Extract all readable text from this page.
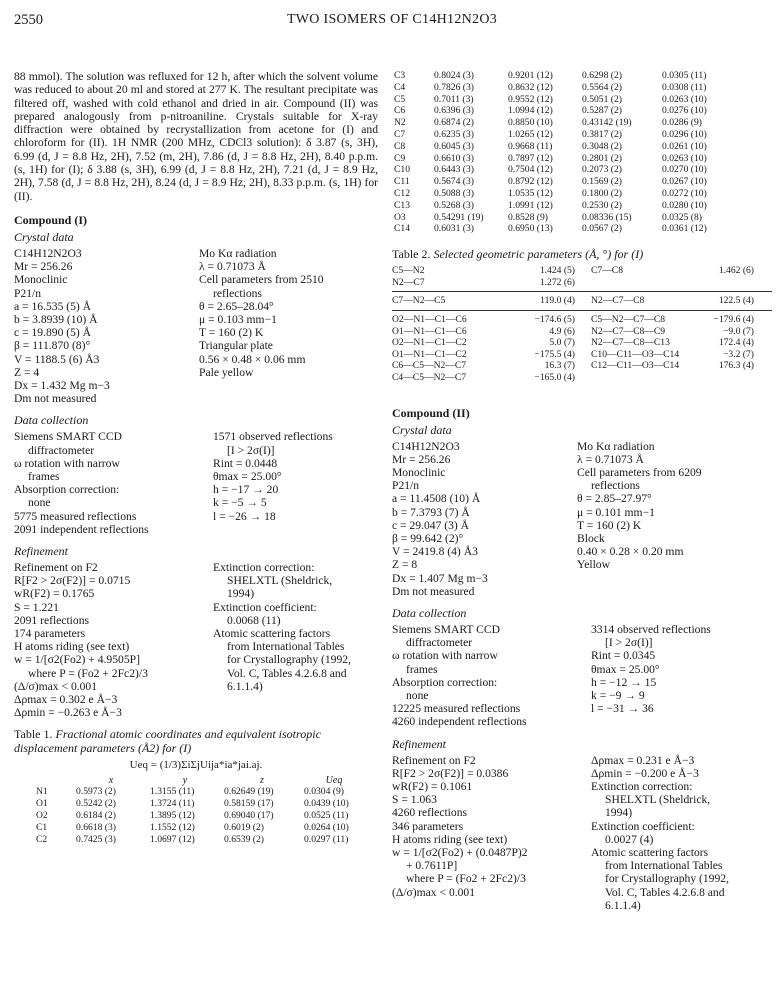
2550	TWO ISOMERS OF C14H12N2O3

88 mmol). The solution was refluxed for 12 h, after which the solvent volume was reduced to about 20 ml and stored at 277 K. The resultant precipitate was filtered off, washed with cold ethanol and dried in air. Compound (II) was prepared analogously from p-nitroaniline. Crystals suitable for X-ray diffraction were obtained by recrystallization from acetone for (I) and chloroform for (II). 1H NMR (200 MHz, CDCl3 solution): δ 3.87 (s, 3H), 6.99 (d, J = 8.8 Hz, 2H), 7.52 (m, 2H), 7.86 (d, J = 8.8 Hz, 2H), 8.40 p.p.m. (s, 1H) for (I); δ 3.88 (s, 3H), 6.99 (d, J = 8.8 Hz, 2H), 7.21 (d, J = 8.9 Hz, 2H), 7.58 (d, J = 8.8 Hz, 2H), 8.24 (d, J = 8.9 Hz, 2H), 8.33 p.p.m. (s, 1H) for (II).

Compound (I)
Crystal data
C14H12N2O3	Mo Kα radiation
Mr = 256.26	λ = 0.71073 Å
Monoclinic	Cell parameters from 2510
P21/n	reflections
a = 16.535 (5) Å	θ = 2.65–28.04°
b = 3.8939 (10) Å	μ = 0.103 mm−1
c = 19.890 (5) Å	T = 160 (2) K
β = 111.870 (8)°	Triangular plate
V = 1188.5 (6) Å3	0.56 × 0.48 × 0.06 mm
Z = 4	Pale yellow
Dx = 1.432 Mg m−3	
Dm not measured	
Data collection
Siemens SMART CCD	1571 observed reflections
diffractometer	[I > 2σ(I)]
ω rotation with narrow	Rint = 0.0448
frames	θmax = 25.00°
Absorption correction:	h = −17 → 20
none	k = −5 → 5
5775 measured reflections	l = −26 → 18
2091 independent reflections	
Refinement
Refinement on F2	Extinction correction:
R[F2 > 2σ(F2)] = 0.0715	SHELXTL (Sheldrick,
wR(F2) = 0.1765	1994)
S = 1.221	Extinction coefficient:
2091 reflections	0.0068 (11)
174 parameters	Atomic scattering factors
H atoms riding (see text)	from International Tables
w = 1/[σ2(Fo2) + 4.9505P]	for Crystallography (1992,
where P = (Fo2 + 2Fc2)/3	Vol. C, Tables 4.2.6.8 and
(Δ/σ)max < 0.001	6.1.1.4)
Δρmax = 0.302 e Å−3	
Δρmin = −0.263 e Å−3	
Table 1. Fractional atomic coordinates and equivalent isotropic displacement parameters (Å2) for (I)
Ueq = (1/3)ΣiΣjUija*ia*jai.aj.
	x	y	z	Ueq
N1	0.5973 (2)	1.3155 (11)	0.62649 (19)	0.0304 (9)
O1	0.5242 (2)	1.3724 (11)	0.58159 (17)	0.0439 (10)
O2	0.6184 (2)	1.3895 (12)	0.69040 (17)	0.0525 (11)
C1	0.6618 (3)	1.1552 (12)	0.6019 (2)	0.0264 (10)
C2	0.7425 (3)	1.0697 (12)	0.6539 (2)	0.0297 (11)
C3	0.8024 (3)	0.9201 (12)	0.6298 (2)	0.0305 (11)
C4	0.7826 (3)	0.8632 (12)	0.5564 (2)	0.0308 (11)
C5	0.7011 (3)	0.9552 (12)	0.5051 (2)	0.0263 (10)
C6	0.6396 (3)	1.0994 (12)	0.5287 (2)	0.0276 (10)
N2	0.6874 (2)	0.8850 (10)	0.43142 (19)	0.0286 (9)
C7	0.6235 (3)	1.0265 (12)	0.3817 (2)	0.0296 (10)
C8	0.6045 (3)	0.9668 (11)	0.3048 (2)	0.0261 (10)
C9	0.6610 (3)	0.7897 (12)	0.2801 (2)	0.0263 (10)
C10	0.6443 (3)	0.7504 (12)	0.2073 (2)	0.0270 (10)
C11	0.5674 (3)	0.8792 (12)	0.1569 (2)	0.0267 (10)
C12	0.5088 (3)	1.0535 (12)	0.1800 (2)	0.0272 (10)
C13	0.5268 (3)	1.0991 (12)	0.2530 (2)	0.0280 (10)
O3	0.54291 (19)	0.8528 (9)	0.08336 (15)	0.0325 (8)
C14	0.6031 (3)	0.6950 (13)	0.0567 (2)	0.0361 (12)
Table 2. Selected geometric parameters (Å, °) for (I)
C5—N2	1.424 (5)	C7—C8	1.462 (6)
N2—C7	1.272 (6)		
C7—N2—C5	119.0 (4)	N2—C7—C8	122.5 (4)
O2—N1—C1—C6	−174.6 (5)	C5—N2—C7—C8	−179.6 (4)
O1—N1—C1—C6	4.9 (6)	N2—C7—C8—C9	−9.0 (7)
O2—N1—C1—C2	5.0 (7)	N2—C7—C8—C13	172.4 (4)
O1—N1—C1—C2	−175.5 (4)	C10—C11—O3—C14	−3.2 (7)
C6—C5—N2—C7	16.3 (7)	C12—C11—O3—C14	176.3 (4)
C4—C5—N2—C7	−165.0 (4)		
Compound (II)
Crystal data
C14H12N2O3	Mo Kα radiation
Mr = 256.26	λ = 0.71073 Å
Monoclinic	Cell parameters from 6209
P21/n	reflections
a = 11.4508 (10) Å	θ = 2.85–27.97°
b = 7.3793 (7) Å	μ = 0.101 mm−1
c = 29.047 (3) Å	T = 160 (2) K
β = 99.642 (2)°	Block
V = 2419.8 (4) Å3	0.40 × 0.28 × 0.20 mm
Z = 8	Yellow
Dx = 1.407 Mg m−3	
Dm not measured	
Data collection
Siemens SMART CCD	3314 observed reflections
diffractometer	[I > 2σ(I)]
ω rotation with narrow	Rint = 0.0345
frames	θmax = 25.00°
Absorption correction:	h = −12 → 15
none	k = −9 → 9
12225 measured reflections	l = −31 → 36
4260 independent reflections	
Refinement
Refinement on F2	Δρmax = 0.231 e Å−3
R[F2 > 2σ(F2)] = 0.0386	Δρmin = −0.200 e Å−3
wR(F2) = 0.1061	Extinction correction:
S = 1.063	SHELXTL (Sheldrick,
4260 reflections	1994)
346 parameters	Extinction coefficient:
H atoms riding (see text)	0.0027 (4)
w = 1/[σ2(Fo2) + (0.0487P)2	Atomic scattering factors
+ 0.7611P]	from International Tables
where P = (Fo2 + 2Fc2)/3	for Crystallography (1992,
(Δ/σ)max < 0.001	Vol. C, Tables 4.2.6.8 and
	6.1.1.4)
